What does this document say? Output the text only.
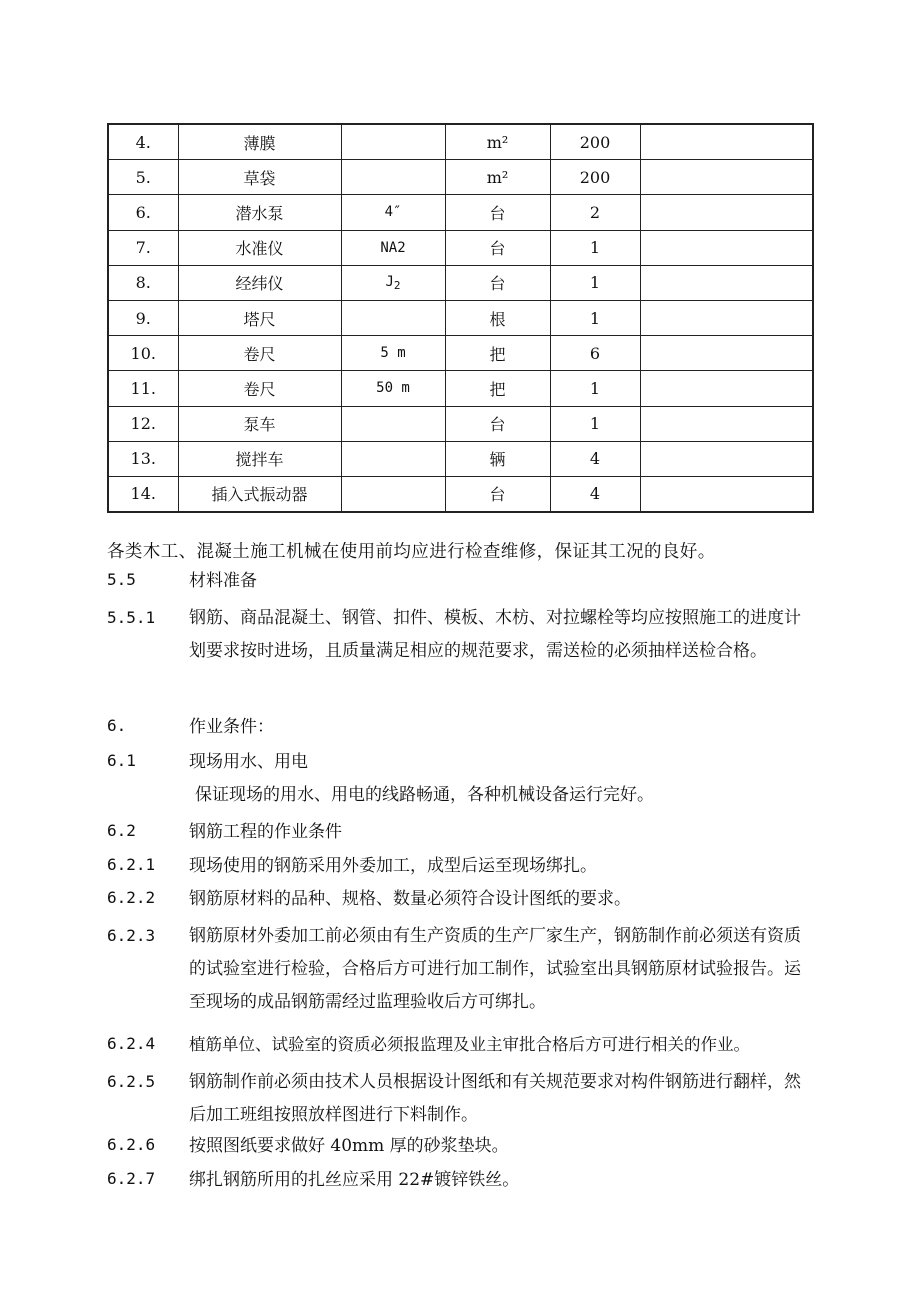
4.	薄膜		m²	200	
5.	草袋		m²	200	
6.	潜水泵	4″	台	2	
7.	水准仪	NA2	台	1	
8.	经纬仪	$J_2$	台	1	
9.	塔尺		根	1	
10.	卷尺	5 m	把	6	
11.	卷尺	50 m	把	1	
12.	泵车		台	1	
13.	搅拌车		辆	4	
14.	插入式振动器		台	4	
各类木工、混凝土施工机械在使用前均应进行检查维修，保证其工况的良好。
5.5	材料准备
5.5.1 钢筋、商品混凝土、钢管、扣件、模板、木枋、对拉螺栓等均应按照施工的进度计划要求按时进场，且质量满足相应的规范要求，需送检的必须抽样送检合格。
6.	作业条件：
6.1	现场用水、用电
保证现场的用水、用电的线路畅通，各种机械设备运行完好。
6.2	钢筋工程的作业条件
6.2.1 现场使用的钢筋采用外委加工，成型后运至现场绑扎。
6.2.2 钢筋原材料的品种、规格、数量必须符合设计图纸的要求。
6.2.3 钢筋原材外委加工前必须由有生产资质的生产厂家生产，钢筋制作前必须送有资质的试验室进行检验，合格后方可进行加工制作，试验室出具钢筋原材试验报告。运至现场的成品钢筋需经过监理验收后方可绑扎。
6.2.4 植筋单位、试验室的资质必须报监理及业主审批合格后方可进行相关的作业。
6.2.5 钢筋制作前必须由技术人员根据设计图纸和有关规范要求对构件钢筋进行翻样，然后加工班组按照放样图进行下料制作。
6.2.6 按照图纸要求做好 40mm 厚的砂浆垫块。
6.2.7 绑扎钢筋所用的扎丝应采用 22#镀锌铁丝。
